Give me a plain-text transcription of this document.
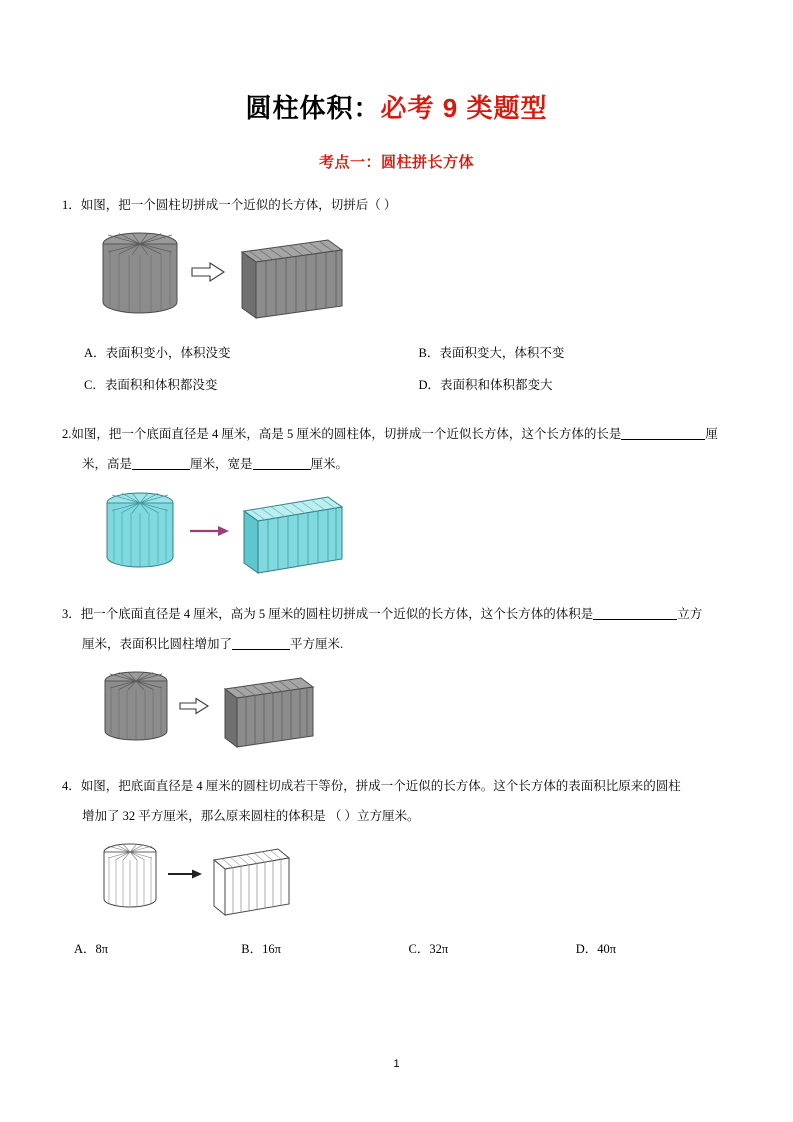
圆柱体积：必考 9 类题型
考点一：圆柱拼长方体
1．如图，把一个圆柱切拼成一个近似的长方体，切拼后（ ）
A．表面积变小，体积没变	B．表面积变大，体积不变
C．表面积和体积都没变	D．表面积和体积都变大
2.如图，把一个底面直径是 4 厘米，高是 5 厘米的圆柱体，切拼成一个近似长方体，这个长方体的长是	厘
米，高是	厘米，宽是	厘米。
3．把一个底面直径是 4 厘米，高为 5 厘米的圆柱切拼成一个近似的长方体，这个长方体的体积是	立方
厘米，表面积比圆柱增加了	平方厘米.
4．如图，把底面直径是 4 厘米的圆柱切成若干等份，拼成一个近似的长方体。这个长方体的表面积比原来的圆柱
增加了 32 平方厘米，那么原来圆柱的体积是 （ ）立方厘米。
A．8π	B．16π	C．32π	D．40π
1
